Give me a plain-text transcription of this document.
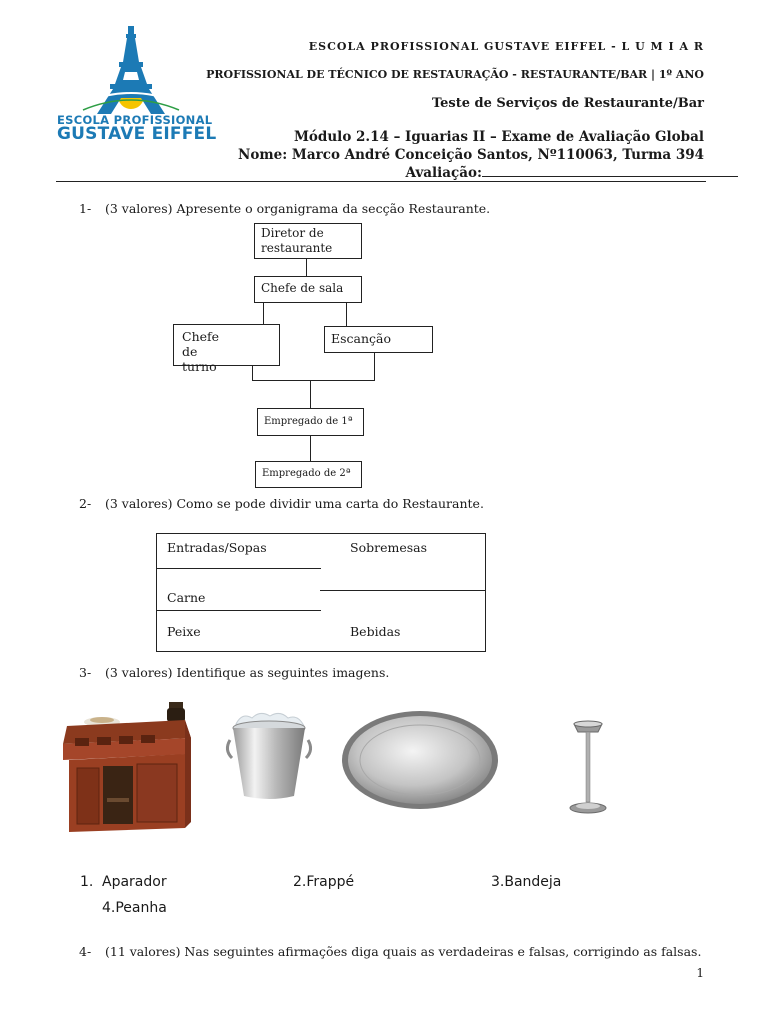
ESCOLA PROFISSIONAL
GUSTAVE EIFFEL
ESCOLA PROFISSIONAL GUSTAVE EIFFEL - L U M I A R
PROFISSIONAL DE TÉCNICO DE RESTAURAÇÃO - RESTAURANTE/BAR | 1º ANO
Teste de Serviços de Restaurante/Bar
Módulo 2.14 – Iguarias II – Exame de Avaliação Global
Nome: Marco André Conceição Santos, Nº110063, Turma 394
Avaliação:
1- (3 valores) Apresente o organigrama da secção Restaurante.
Diretor de restaurante
Chefe de sala
Chefe de turno
Escanção
Empregado de 1ª
Empregado de 2ª
2- (3 valores) Como se pode dividir uma carta do Restaurante.
Entradas/Sopas	Sobremesas
Carne
Peixe	Bebidas
3- (3 valores) Identifique as seguintes imagens.
1. Aparador	2.Frappé	3.Bandeja
4.Peanha
4- (11 valores) Nas seguintes afirmações diga quais as verdadeiras e falsas, corrigindo as falsas.
1
